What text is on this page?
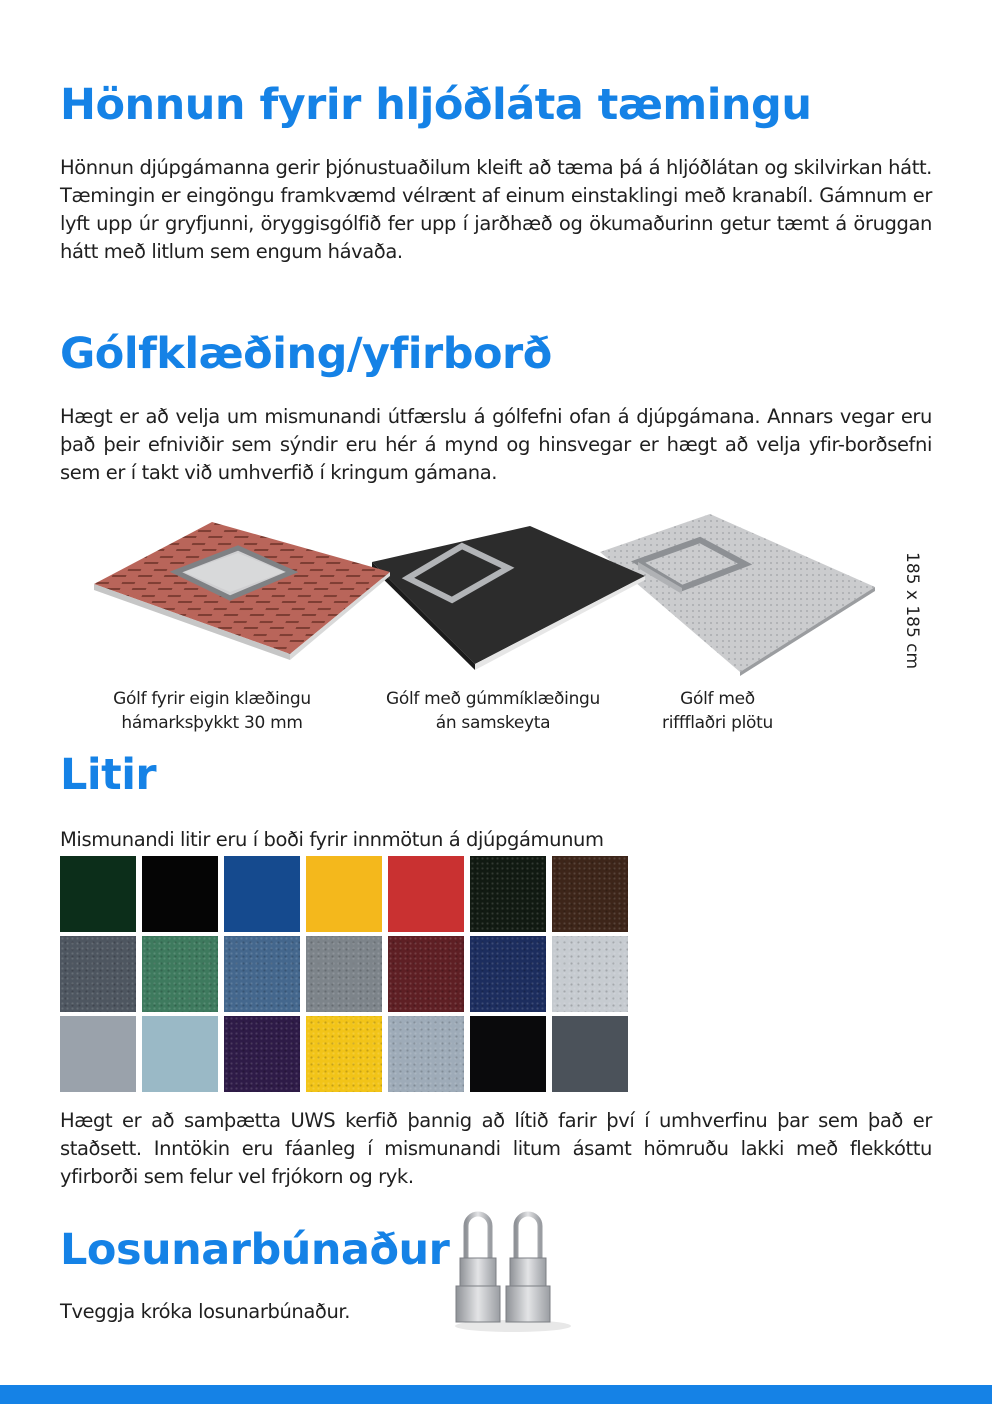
Hönnun fyrir hljóðláta tæmingu

Hönnun djúpgámanna gerir þjónustuaðilum kleift að tæma þá á hljóðlátan og skilvirkan hátt. Tæmingin er eingöngu framkvæmd vélrænt af einum einstaklingi með kranabíl. Gámnum er lyft upp úr gryfjunni, öryggisgólfið fer upp í jarðhæð og ökumaðurinn getur tæmt á öruggan hátt með litlum sem engum hávaða.

Gólfklæðing/yfirborð

Hægt er að velja um mismunandi útfærslu á gólfefni ofan á djúpgámana. Annars vegar eru það þeir efniviðir sem sýndir eru hér á mynd og hinsvegar er hægt að velja yfir-borðsefni sem er í takt við umhverfið í kringum gámana.

185 x 185 cm
Gólf fyrir eigin klæðingu
hámarksþykkt 30 mm
Gólf með gúmmíklæðingu
án samskeyta
Gólf með
riffflaðri plötu
Litir

Mismunandi litir eru í boði fyrir innmötun á djúpgámunum

Hægt er að samþætta UWS kerfið þannig að lítið farir því í umhverfinu þar sem það er staðsett. Inntökin eru fáanleg í mismunandi litum ásamt hömruðu lakki með flekkóttu yfirborði sem felur vel frjókorn og ryk.

Losunarbúnaður

Tveggja króka losunarbúnaður.
